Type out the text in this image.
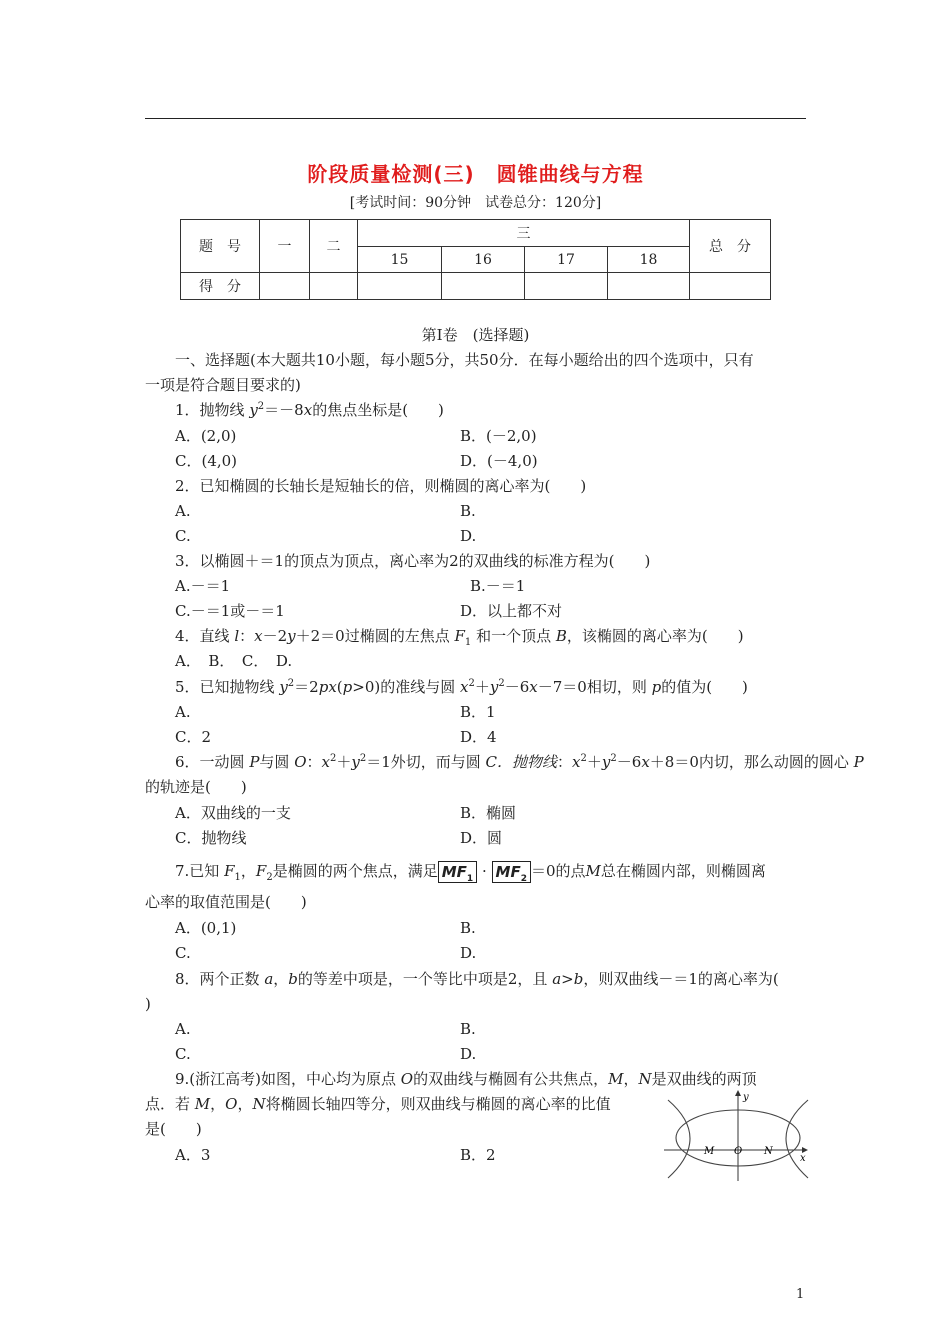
阶段质量检测(三) 圆锥曲线与方程
[考试时间：90分钟 试卷总分：120分]
题　号	一	二	三				总　分
			15	16	17	18	
得　分							
第Ⅰ卷　(选择题)
一、选择题(本大题共10小题，每小题5分，共50分．在每小题给出的四个选项中，只有
一项是符合题目要求的)
1．抛物线 $y^2=-8x$的焦点坐标是(　　)
A．(2,0)	B．(－2,0)
C．(4,0)	D．(－4,0)
2．已知椭圆的长轴长是短轴长的倍，则椭圆的离心率为(　　)
A.	B.
C.	D.
3．以椭圆＋＝1的顶点为顶点，离心率为2的双曲线的标准方程为(　　)
A.－＝1	B.－＝1
C.－＝1或－＝1	D．以上都不对
4．直线 l：x－2y＋2＝0过椭圆的左焦点 $F_1$ 和一个顶点 B，该椭圆的离心率为(　　)
A．　B．　C．　D.
5．已知抛物线 $y^2=2px(p>0)$的准线与圆 $x^2+y^2-6x-7=0$相切，则 p的值为(　　)
A.	B．1
C．2	D．4
6．一动圆 P与圆 O：$x^2+y^2=1$外切，而与圆 C．抛物线：$x^2+y^2-6x+8=0$内切，那么动圆的圆心 P
的轨迹是(　　)
A．双曲线的一支	B．椭圆
C．抛物线	D．圆
7.已知 $F_1$，$F_2$是椭圆的两个焦点，满足 $MF_1 \cdot MF_2 =0$的点M总在椭圆内部，则椭圆离
心率的取值范围是(　　)
A．(0,1)	B.
C.	D.
8．两个正数 a，b的等差中项是，一个等比中项是2，且 a>b，则双曲线－＝1的离心率为(
)
A.	B.
C.	D.
9.(浙江高考)如图，中心均为原点 O的双曲线与椭圆有公共焦点，M，N是双曲线的两顶
点．若 M，O，N将椭圆长轴四等分，则双曲线与椭圆的离心率的比值
是(　　)
A．3	B．2
y
x
M O N
1
